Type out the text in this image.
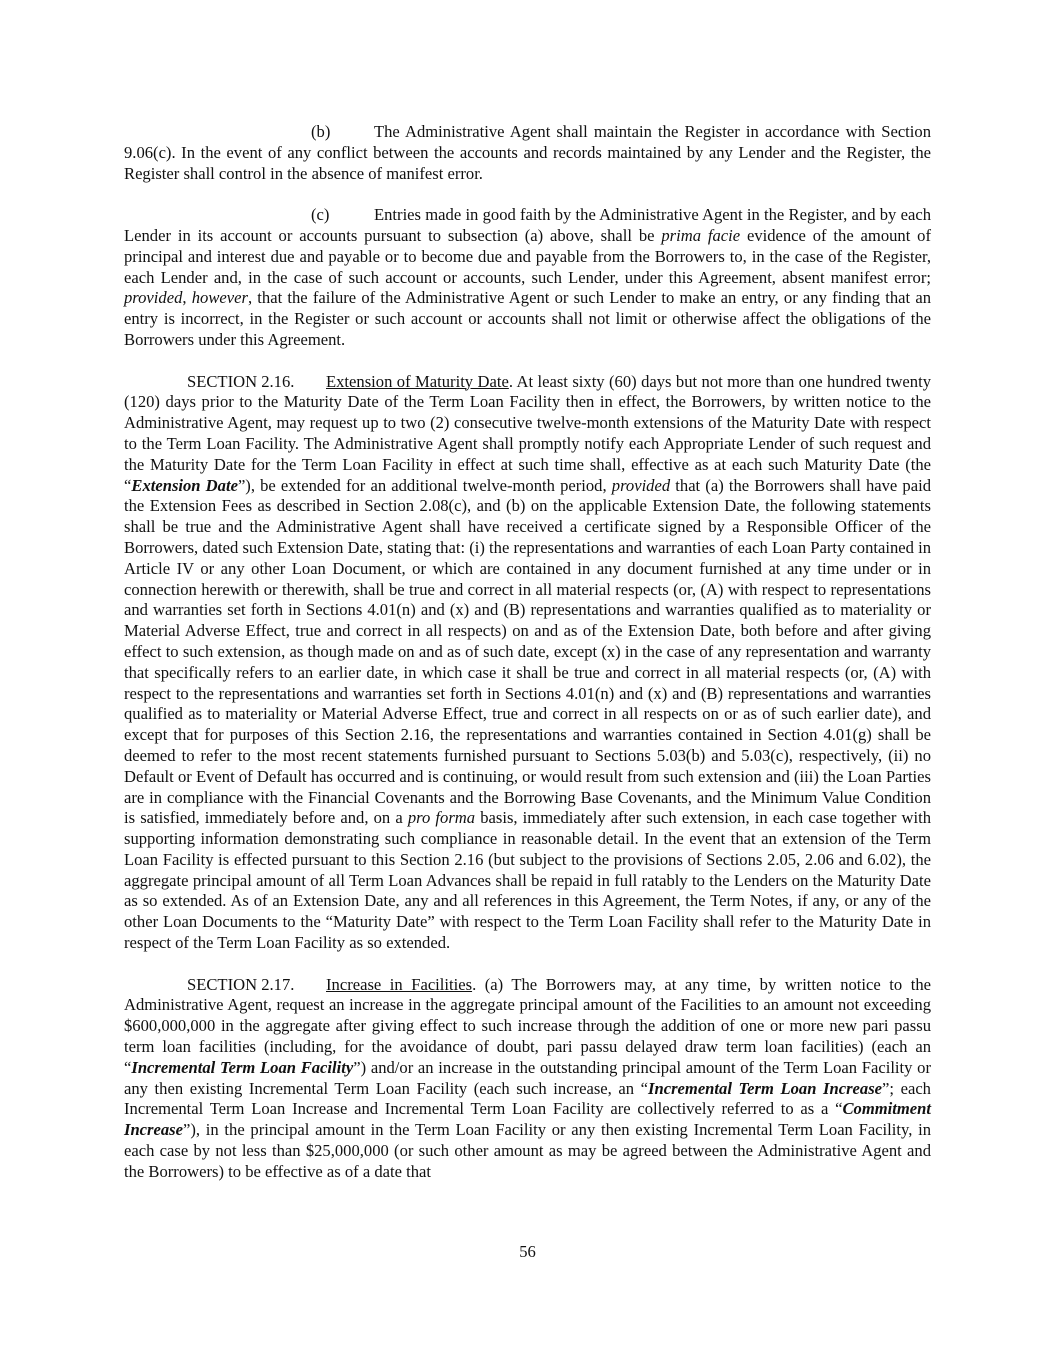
(b)	The Administrative Agent shall maintain the Register in accordance with Section 9.06(c). In the event of any conflict between the accounts and records maintained by any Lender and the Register, the Register shall control in the absence of manifest error.

(c)	Entries made in good faith by the Administrative Agent in the Register, and by each Lender in its account or accounts pursuant to subsection (a) above, shall be prima facie evidence of the amount of principal and interest due and payable or to become due and payable from the Borrowers to, in the case of the Register, each Lender and, in the case of such account or accounts, such Lender, under this Agreement, absent manifest error; provided, however, that the failure of the Administrative Agent or such Lender to make an entry, or any finding that an entry is incorrect, in the Register or such account or accounts shall not limit or otherwise affect the obligations of the Borrowers under this Agreement.

SECTION 2.16. Extension of Maturity Date. At least sixty (60) days but not more than one hundred twenty (120) days prior to the Maturity Date of the Term Loan Facility then in effect, the Borrowers, by written notice to the Administrative Agent, may request up to two (2) consecutive twelve-month extensions of the Maturity Date with respect to the Term Loan Facility. The Administrative Agent shall promptly notify each Appropriate Lender of such request and the Maturity Date for the Term Loan Facility in effect at such time shall, effective as at each such Maturity Date (the “Extension Date”), be extended for an additional twelve-month period, provided that (a) the Borrowers shall have paid the Extension Fees as described in Section 2.08(c), and (b) on the applicable Extension Date, the following statements shall be true and the Administrative Agent shall have received a certificate signed by a Responsible Officer of the Borrowers, dated such Extension Date, stating that: (i) the representations and warranties of each Loan Party contained in Article IV or any other Loan Document, or which are contained in any document furnished at any time under or in connection herewith or therewith, shall be true and correct in all material respects (or, (A) with respect to representations and warranties set forth in Sections 4.01(n) and (x) and (B) representations and warranties qualified as to materiality or Material Adverse Effect, true and correct in all respects) on and as of the Extension Date, both before and after giving effect to such extension, as though made on and as of such date, except (x) in the case of any representation and warranty that specifically refers to an earlier date, in which case it shall be true and correct in all material respects (or, (A) with respect to the representations and warranties set forth in Sections 4.01(n) and (x) and (B) representations and warranties qualified as to materiality or Material Adverse Effect, true and correct in all respects on or as of such earlier date), and except that for purposes of this Section 2.16, the representations and warranties contained in Section 4.01(g) shall be deemed to refer to the most recent statements furnished pursuant to Sections 5.03(b) and 5.03(c), respectively, (ii) no Default or Event of Default has occurred and is continuing, or would result from such extension and (iii) the Loan Parties are in compliance with the Financial Covenants and the Borrowing Base Covenants, and the Minimum Value Condition is satisfied, immediately before and, on a pro forma basis, immediately after such extension, in each case together with supporting information demonstrating such compliance in reasonable detail. In the event that an extension of the Term Loan Facility is effected pursuant to this Section 2.16 (but subject to the provisions of Sections 2.05, 2.06 and 6.02), the aggregate principal amount of all Term Loan Advances shall be repaid in full ratably to the Lenders on the Maturity Date as so extended. As of an Extension Date, any and all references in this Agreement, the Term Notes, if any, or any of the other Loan Documents to the “Maturity Date” with respect to the Term Loan Facility shall refer to the Maturity Date in respect of the Term Loan Facility as so extended.

SECTION 2.17. Increase in Facilities. (a) The Borrowers may, at any time, by written notice to the Administrative Agent, request an increase in the aggregate principal amount of the Facilities to an amount not exceeding $600,000,000 in the aggregate after giving effect to such increase through the addition of one or more new pari passu term loan facilities (including, for the avoidance of doubt, pari passu delayed draw term loan facilities) (each an “Incremental Term Loan Facility”) and/or an increase in the outstanding principal amount of the Term Loan Facility or any then existing Incremental Term Loan Facility (each such increase, an “Incremental Term Loan Increase”; each Incremental Term Loan Increase and Incremental Term Loan Facility are collectively referred to as a “Commitment Increase”), in the principal amount in the Term Loan Facility or any then existing Incremental Term Loan Facility, in each case by not less than $25,000,000 (or such other amount as may be agreed between the Administrative Agent and the Borrowers) to be effective as of a date that

56
